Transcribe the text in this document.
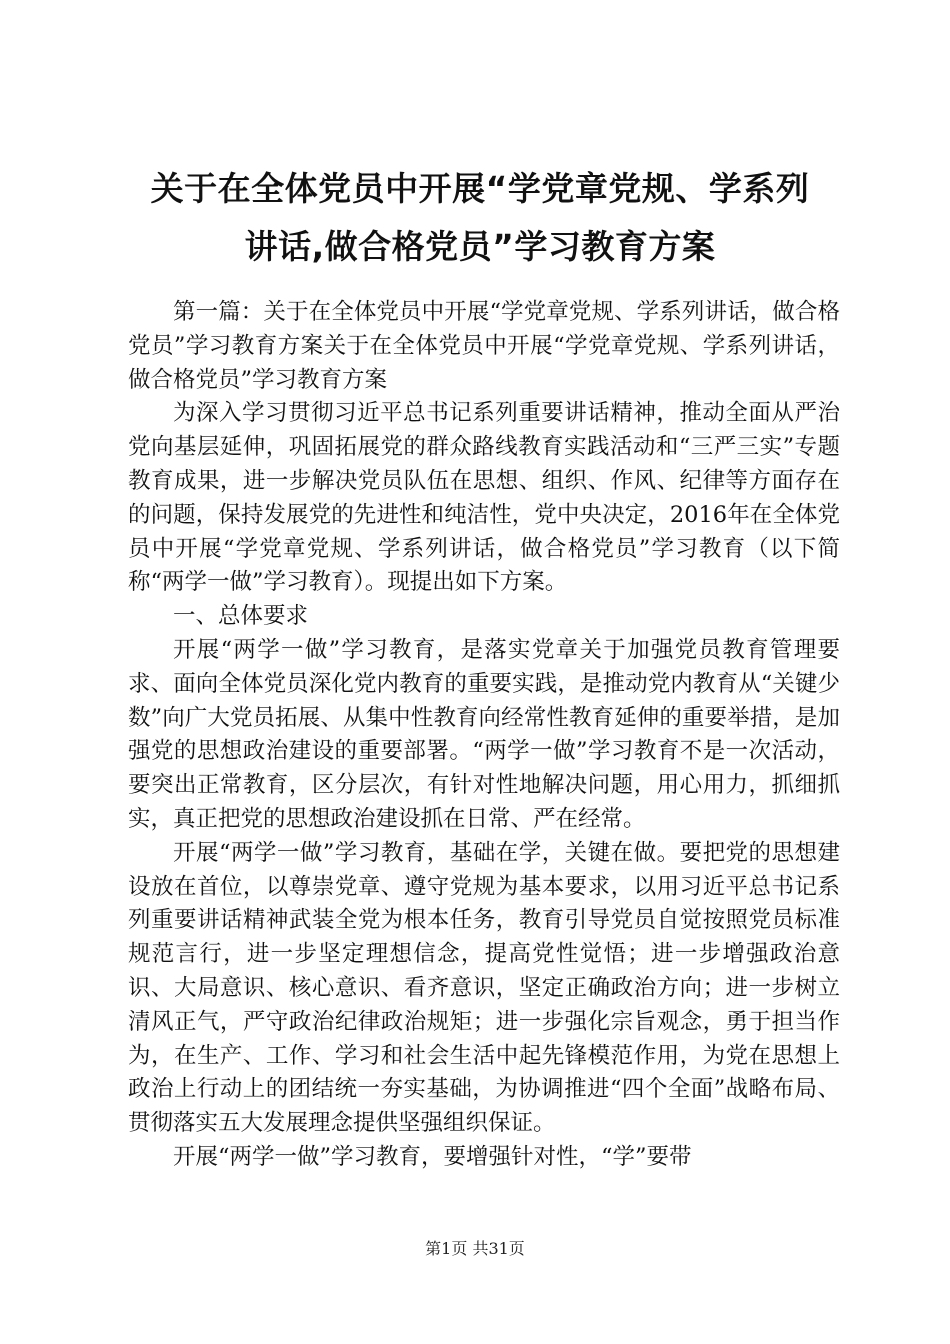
关于在全体党员中开展“学党章党规、学系列
讲话,做合格党员”学习教育方案

第一篇：关于在全体党员中开展“学党章党规、学系列讲话，做合格党员”学习教育方案关于在全体党员中开展“学党章党规、学系列讲话，做合格党员”学习教育方案

为深入学习贯彻习近平总书记系列重要讲话精神，推动全面从严治党向基层延伸，巩固拓展党的群众路线教育实践活动和“三严三实”专题教育成果，进一步解决党员队伍在思想、组织、作风、纪律等方面存在的问题，保持发展党的先进性和纯洁性，党中央决定，2016年在全体党员中开展“学党章党规、学系列讲话，做合格党员”学习教育（以下简称“两学一做”学习教育）。现提出如下方案。

一、总体要求

开展“两学一做”学习教育，是落实党章关于加强党员教育管理要求、面向全体党员深化党内教育的重要实践，是推动党内教育从“关键少数”向广大党员拓展、从集中性教育向经常性教育延伸的重要举措，是加强党的思想政治建设的重要部署。“两学一做”学习教育不是一次活动，要突出正常教育，区分层次，有针对性地解决问题，用心用力，抓细抓实，真正把党的思想政治建设抓在日常、严在经常。

开展“两学一做”学习教育，基础在学，关键在做。要把党的思想建设放在首位，以尊崇党章、遵守党规为基本要求，以用习近平总书记系列重要讲话精神武装全党为根本任务，教育引导党员自觉按照党员标准规范言行，进一步坚定理想信念，提高党性觉悟；进一步增强政治意识、大局意识、核心意识、看齐意识，坚定正确政治方向；进一步树立清风正气，严守政治纪律政治规矩；进一步强化宗旨观念，勇于担当作为，在生产、工作、学习和社会生活中起先锋模范作用，为党在思想上政治上行动上的团结统一夯实基础，为协调推进“四个全面”战略布局、贯彻落实五大发展理念提供坚强组织保证。

开展“两学一做”学习教育，要增强针对性，“学”要带

第1页 共31页
